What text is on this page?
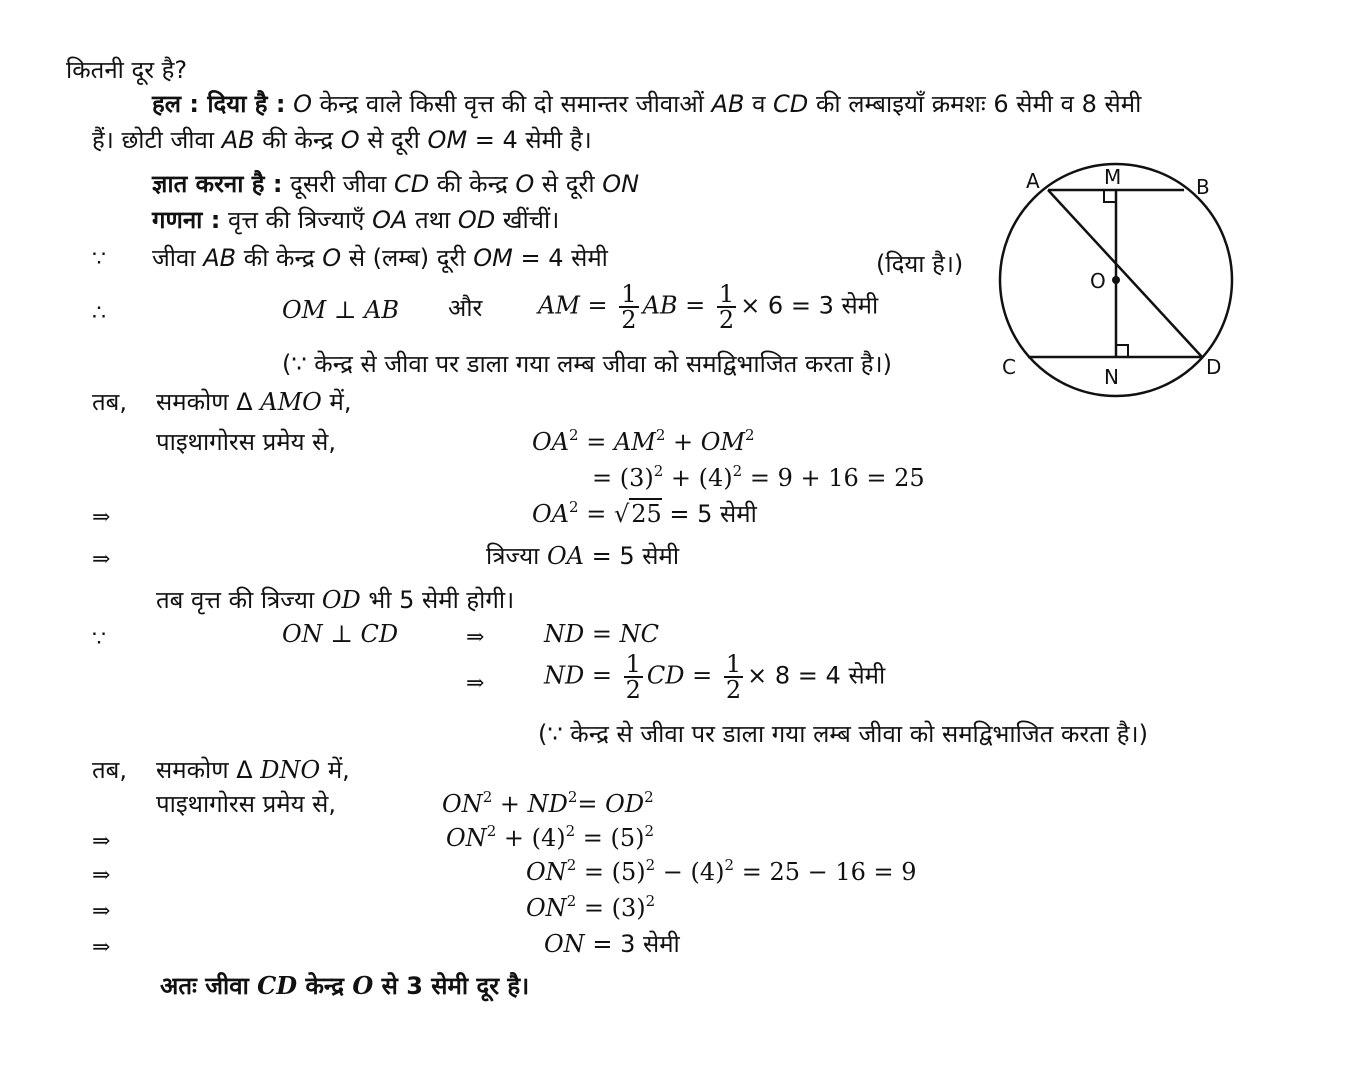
कितनी दूर है?
हल : दिया है : O केन्द्र वाले किसी वृत्त की दो समान्तर जीवाओं AB व CD की लम्बाइयाँ क्रमशः 6 सेमी व 8 सेमी
हैं। छोटी जीवा AB की केन्द्र O से दूरी OM = 4 सेमी है।
ज्ञात करना है : दूसरी जीवा CD की केन्द्र O से दूरी ON
गणना : वृत्त की त्रिज्याएँ OA तथा OD खींचीं।
∵ जीवा AB की केन्द्र O से (लम्ब) दूरी OM = 4 सेमी	(दिया है।)
∴	OM ⊥ AB और AM = $\frac{1}{2}$ AB = $\frac{1}{2} \times 6 = 3$ सेमी
(∵ केन्द्र से जीवा पर डाला गया लम्ब जीवा को समद्विभाजित करता है।)
तब, समकोण Δ AMO में,
पाइथागोरस प्रमेय से,	$OA^2 = AM^2 + OM^2$
= $(3)^2 + (4)^2 = 9 + 16 = 25$
⇒	$OA^2 = √25 = 5$ सेमी
⇒	त्रिज्या OA = 5 सेमी
तब वृत्त की त्रिज्या OD भी 5 सेमी होगी।
∵	ON ⊥ CD	⇒ ND = NC
⇒ ND = $\frac{1}{2}$ CD = $\frac{1}{2} \times 8 = 4$ सेमी
(∵ केन्द्र से जीवा पर डाला गया लम्ब जीवा को समद्विभाजित करता है।)
तब, समकोण Δ DNO में,
पाइथागोरस प्रमेय से,	$ON^2 + ND^2= OD^2$
⇒	$ON^2 + (4)^2 = (5)^2$
⇒	$ON^2 = (5)^2 - (4)^2 = 25 - 16 = 9$
⇒	$ON^2 = (3)^2$
⇒	ON = 3 सेमी
अतः जीवा CD केन्द्र O से 3 सेमी दूर है।
A	M	B
O
C	N	D
